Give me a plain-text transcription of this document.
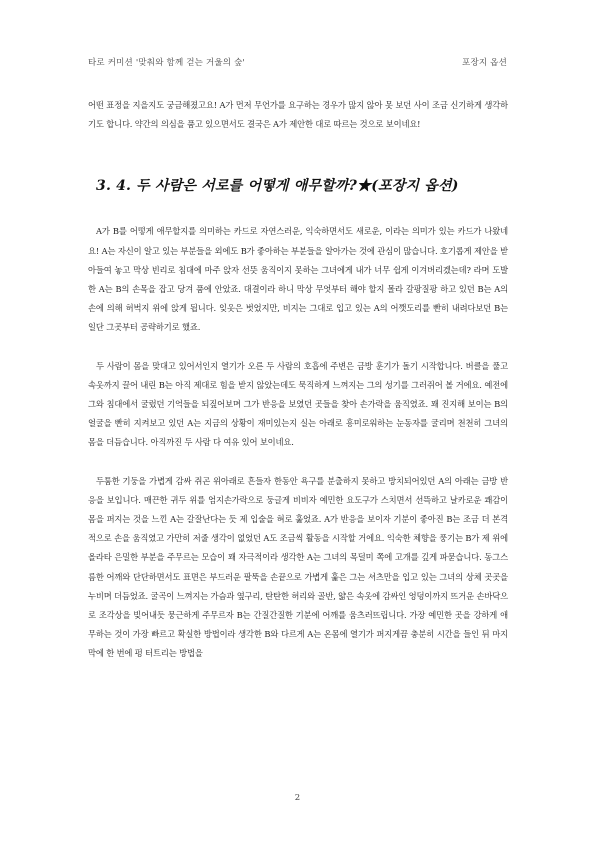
타로 커미션 '맞춰와 함께 걷는 거울의 숲'	포장지 옵션

어떤 표정을 지을지도 궁금해졌고요! A가 먼저 무언가를 요구하는 경우가 많지 않아 못 보던 사이 조금 신기하게 생각하기도 합니다. 약간의 의심을 품고 있으면서도 결국은 A가 제안한 대로 따르는 것으로 보이네요!

3. 4. 두 사람은 서로를 어떻게 애무할까?★(포장지 옵션)

A가 B를 어떻게 애무할지를 의미하는 카드로 자연스러운, 익숙하면서도 새로운, 이라는 의미가 있는 카드가 나왔네요! A는 자신이 알고 있는 부분들을 외에도 B가 좋아하는 부분들을 알아가는 것에 관심이 많습니다. 호기롭게 제안을 받아들여 놓고 막상 빈리로 침대에 마주 앉자 선뜻 움직이지 못하는 그녀에게 내가 너무 쉽게 이겨버리겠는데? 라며 도발한 A는 B의 손목을 잡고 당겨 품에 안았죠. 대결이라 하니 막상 무엇부터 해야 할지 몰라 갈팡질팡 하고 있던 B는 A의 손에 의해 허벅지 위에 앉게 됩니다. 잊옷은 벗었지만, 비지는 그대로 입고 있는 A의 어깻도리를 빤히 내려다보던 B는 일단 그곳부터 공략하기로 했죠.

두 사람이 몸을 맞대고 있어서인지 열기가 오른 두 사람의 호흡에 주변은 금방 훈기가 돌기 시작합니다. 버클을 풀고 속옷까지 끌어 내린 B는 아직 제대로 힘을 받지 않았는데도 묵직하게 느껴지는 그의 성기를 그러쥐어 볼 거에요. 예전에 그와 침대에서 굴렀던 기억들을 되짚어보며 그가 반응을 보였던 곳들을 찾아 손가락을 움직였죠. 꽤 진지해 보이는 B의 얼굴을 빤히 지켜보고 있던 A는 지금의 상황이 재미있는지 실는 아래로 흥미로워하는 눈동자를 굴리며 천천히 그녀의 몸을 더듬습니다. 아직까진 두 사람 다 여유 있어 보이네요.

두툼한 기둥을 가볍게 감싸 쥐곤 위아래로 흔들자 한동안 욕구를 분출하지 못하고 방치되어있던 A의 아래는 금방 반응을 보입니다. 매끈한 귀두 위를 엄지손가락으로 둥글게 비비자 예민한 요도구가 스치면서 선뜩하고 날카로운 쾌감이 몸을 퍼지는 것을 느낀 A는 갈잘난다는 듯 제 입술을 혀로 훑었죠. A가 반응을 보이자 기분이 좋아진 B는 조금 더 본격적으로 손을 움직였고 가만히 저줄 생각이 없었던 A도 조금씩 활동을 시작할 거에요. 익숙한 체향을 풍기는 B가 제 위에 올라타 은밀한 부분을 주무르는 모습이 꽤 자극적이라 생각한 A는 그녀의 목덜미 쪽에 고개를 깊게 파묻습니다. 동그스름한 어깨와 단단하면서도 표면은 부드러운 팔뚝을 손끝으로 가볍게 훑은 그는 셔츠만을 입고 있는 그녀의 상체 곳곳을 누비며 더듬었죠. 굴곡이 느껴지는 가슴과 옆구리, 탄탄한 허리와 골반, 얇은 속옷에 감싸인 엉덩이까지 뜨거운 손바닥으로 조각상을 빚어내듯 뭉근하게 주무르자 B는 간질간질한 기분에 어깨를 움츠러뜨립니다. 가장 예민한 곳을 강하게 애무하는 것이 가장 빠르고 확실한 방법이라 생각한 B와 다르게 A는 온몸에 열기가 퍼지게끔 충분히 시간을 들인 뒤 마지막에 한 번에 펑 터트리는 방법을

2
